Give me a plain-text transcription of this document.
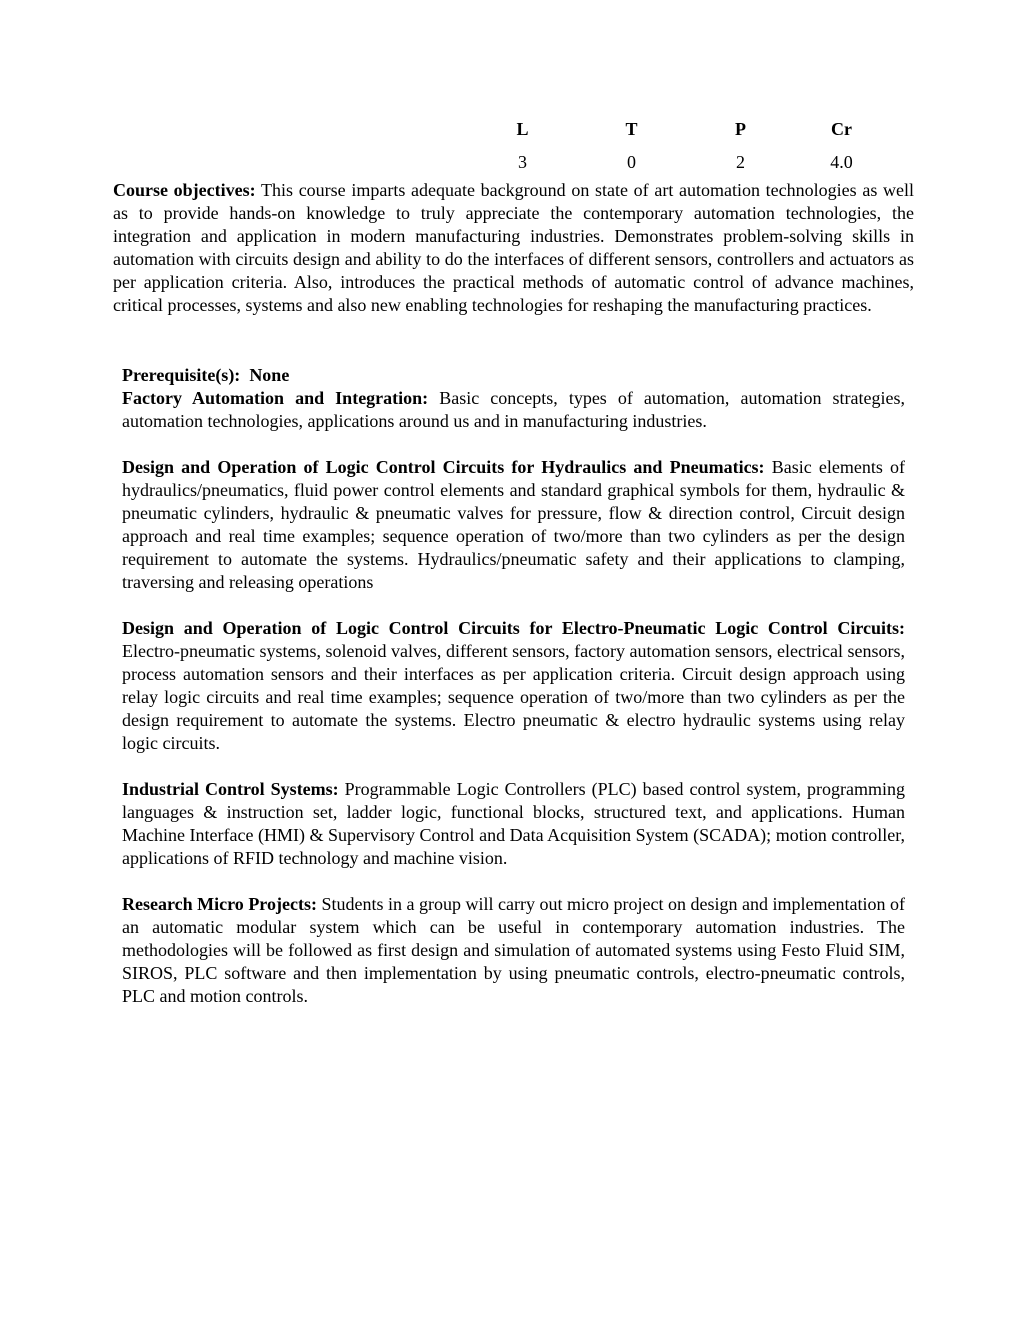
L	T	P	Cr
3	0	2	4.0

Course objectives: This course imparts adequate background on state of art automation technologies as well as to provide hands-on knowledge to truly appreciate the contemporary automation technologies, the integration and application in modern manufacturing industries. Demonstrates problem-solving skills in automation with circuits design and ability to do the interfaces of different sensors, controllers and actuators as per application criteria. Also, introduces the practical methods of automatic control of advance machines, critical processes, systems and also new enabling technologies for reshaping the manufacturing practices.

Prerequisite(s): None

Factory Automation and Integration: Basic concepts, types of automation, automation strategies, automation technologies, applications around us and in manufacturing industries.

Design and Operation of Logic Control Circuits for Hydraulics and Pneumatics: Basic elements of hydraulics/pneumatics, fluid power control elements and standard graphical symbols for them, hydraulic & pneumatic cylinders, hydraulic & pneumatic valves for pressure, flow & direction control, Circuit design approach and real time examples; sequence operation of two/more than two cylinders as per the design requirement to automate the systems. Hydraulics/pneumatic safety and their applications to clamping, traversing and releasing operations

Design and Operation of Logic Control Circuits for Electro-Pneumatic Logic Control Circuits: Electro-pneumatic systems, solenoid valves, different sensors, factory automation sensors, electrical sensors, process automation sensors and their interfaces as per application criteria. Circuit design approach using relay logic circuits and real time examples; sequence operation of two/more than two cylinders as per the design requirement to automate the systems. Electro pneumatic & electro hydraulic systems using relay logic circuits.

Industrial Control Systems: Programmable Logic Controllers (PLC) based control system, programming languages & instruction set, ladder logic, functional blocks, structured text, and applications. Human Machine Interface (HMI) & Supervisory Control and Data Acquisition System (SCADA); motion controller, applications of RFID technology and machine vision.

Research Micro Projects: Students in a group will carry out micro project on design and implementation of an automatic modular system which can be useful in contemporary automation industries. The methodologies will be followed as first design and simulation of automated systems using Festo Fluid SIM, SIROS, PLC software and then implementation by using pneumatic controls, electro-pneumatic controls, PLC and motion controls.
